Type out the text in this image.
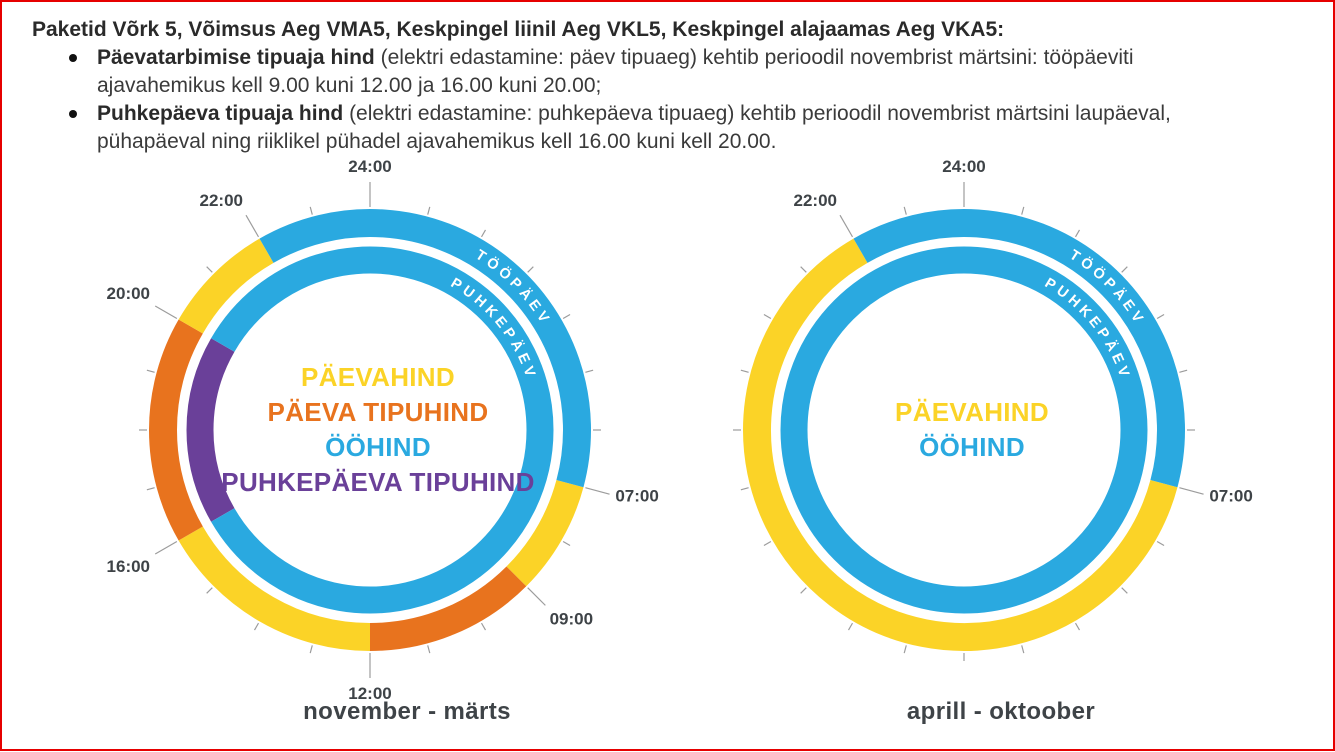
Paketid Võrk 5, Võimsus Aeg VMA5, Keskpingel liinil Aeg VKL5, Keskpingel alajaamas Aeg VKA5:
Päevatarbimise tipuaja hind (elektri edastamine: päev tipuaeg) kehtib perioodil novembrist märtsini: tööpäeviti ajavahemikus kell 9.00 kuni 12.00 ja 16.00 kuni 20.00;
Puhkepäeva tipuaja hind (elektri edastamine: puhkepäeva tipuaeg) kehtib perioodil novembrist märtsini laupäeval, pühapäeval ning riiklikel pühadel ajavahemikus kell 16.00 kuni kell 20.00.
TÖÖPÄEV
PUHKEPÄEV
24:00
22:00
20:00
16:00
12:00
09:00
07:00
PÄEVAHIND
PÄEVA TIPUHIND
ÖÖHIND
PUHKEPÄEVA TIPUHIND
november - märts
TÖÖPÄEV
PUHKEPÄEV
24:00
22:00
07:00
PÄEVAHIND
ÖÖHIND
aprill - oktoober
